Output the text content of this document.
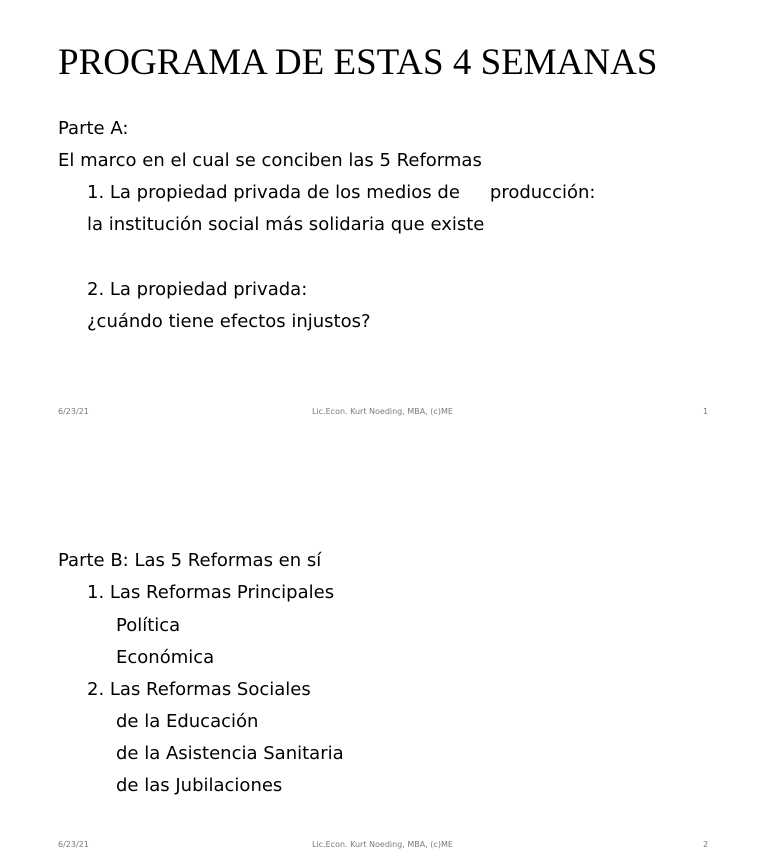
PROGRAMA DE ESTAS 4 SEMANAS

Parte A:

El marco en el cual se conciben las 5 Reformas

1. La propiedad privada de los medios de producción:

la institución social más solidaria que existe

2. La propiedad privada:

¿cuándo tiene efectos injustos?

6/23/21	Lic.Econ. Kurt Noeding, MBA, (c)ME	1

Parte B: Las 5 Reformas en sí

1. Las Reformas Principales

Política

Económica

2. Las Reformas Sociales

de la Educación

de la Asistencia Sanitaria

de las Jubilaciones

6/23/21	Lic.Econ. Kurt Noeding, MBA, (c)ME	2
